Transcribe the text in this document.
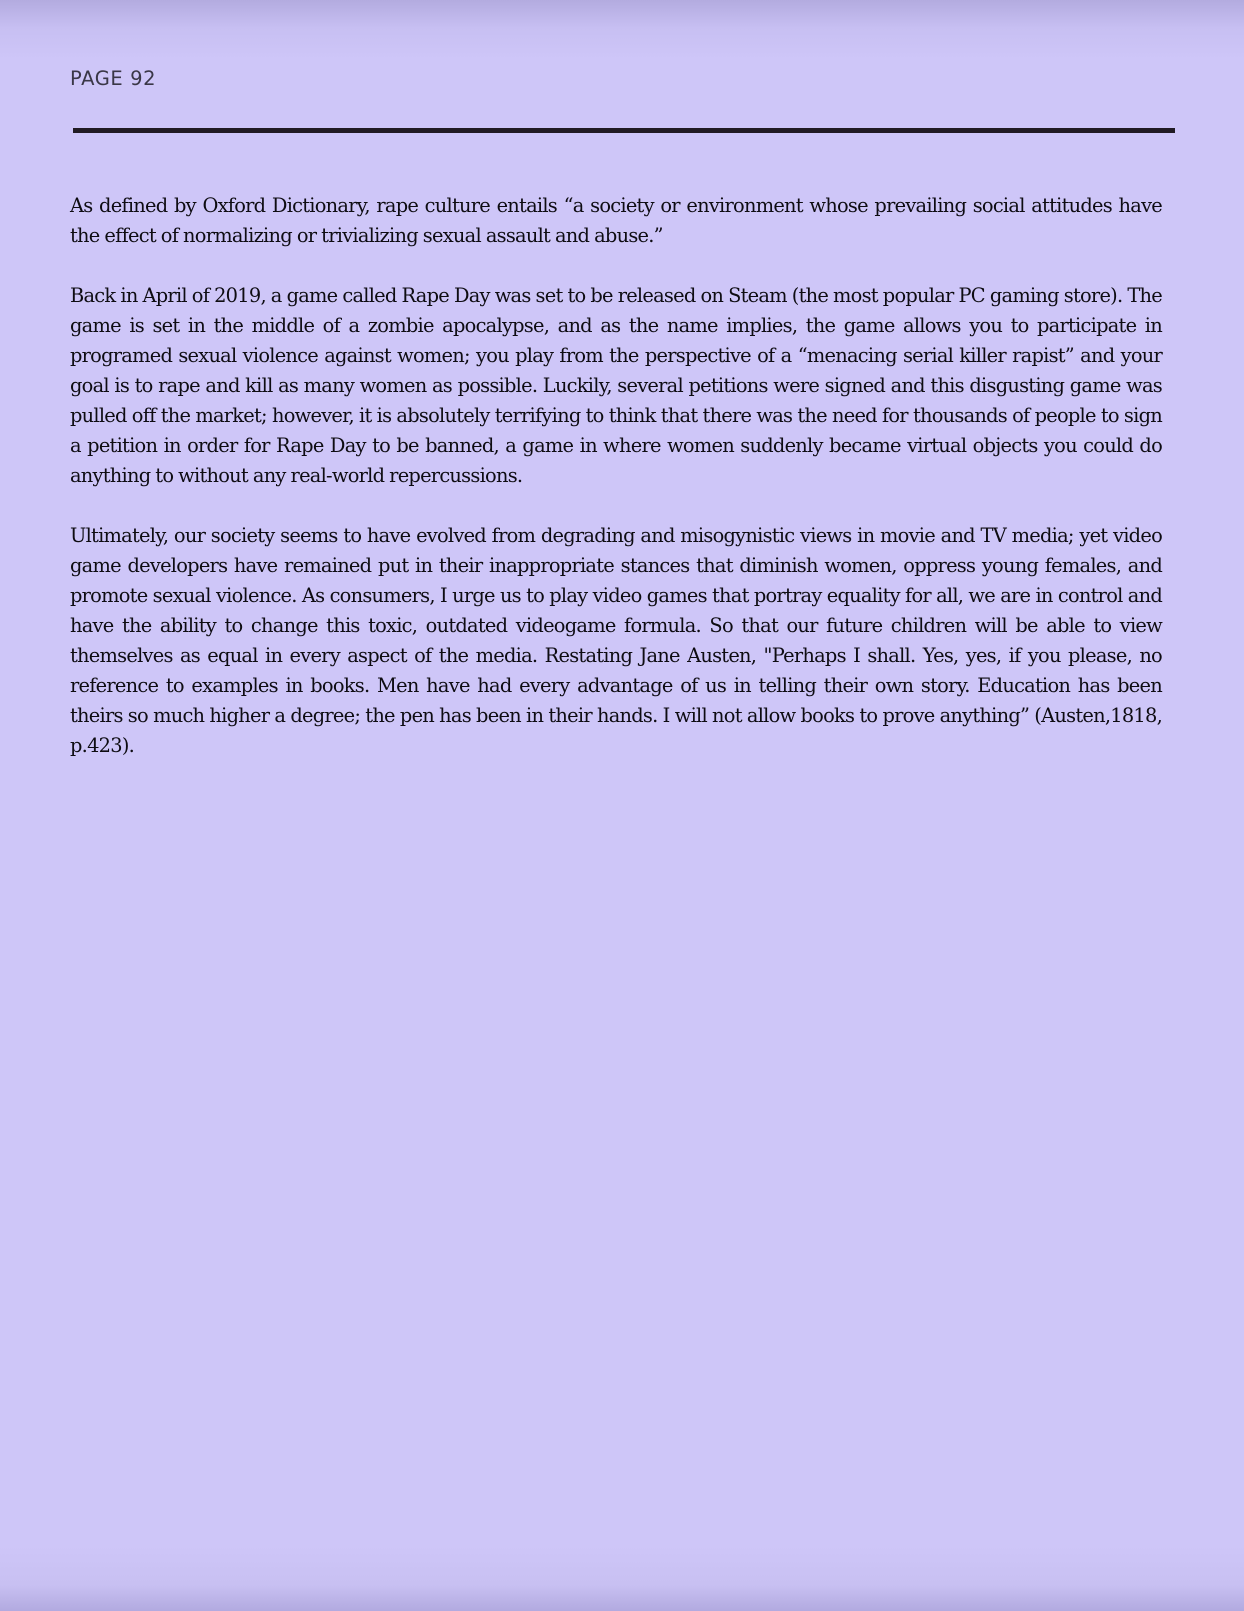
PAGE 92

As defined by Oxford Dictionary, rape culture entails “a society or environment whose prevailing social attitudes have the effect of normalizing or trivializing sexual assault and abuse.”

Back in April of 2019, a game called Rape Day was set to be released on Steam (the most popular PC gaming store). The game is set in the middle of a zombie apocalypse, and as the name implies, the game allows you to participate in programed sexual violence against women; you play from the perspective of a “menacing serial killer rapist” and your goal is to rape and kill as many women as possible. Luckily, several petitions were signed and this disgusting game was pulled off the market; however, it is absolutely terrifying to think that there was the need for thousands of people to sign a petition in order for Rape Day to be banned, a game in where women suddenly became virtual objects you could do anything to without any real-world repercussions.

Ultimately, our society seems to have evolved from degrading and misogynistic views in movie and TV media; yet video game developers have remained put in their inappropriate stances that diminish women, oppress young females, and promote sexual violence. As consumers, I urge us to play video games that portray equality for all, we are in control and have the ability to change this toxic, outdated videogame formula. So that our future children will be able to view themselves as equal in every aspect of the media. Restating Jane Austen, "Perhaps I shall. Yes, yes, if you please, no reference to examples in books. Men have had every advantage of us in telling their own story. Education has been theirs so much higher a degree; the pen has been in their hands. I will not allow books to prove anything” (Austen,1818, p.423).
